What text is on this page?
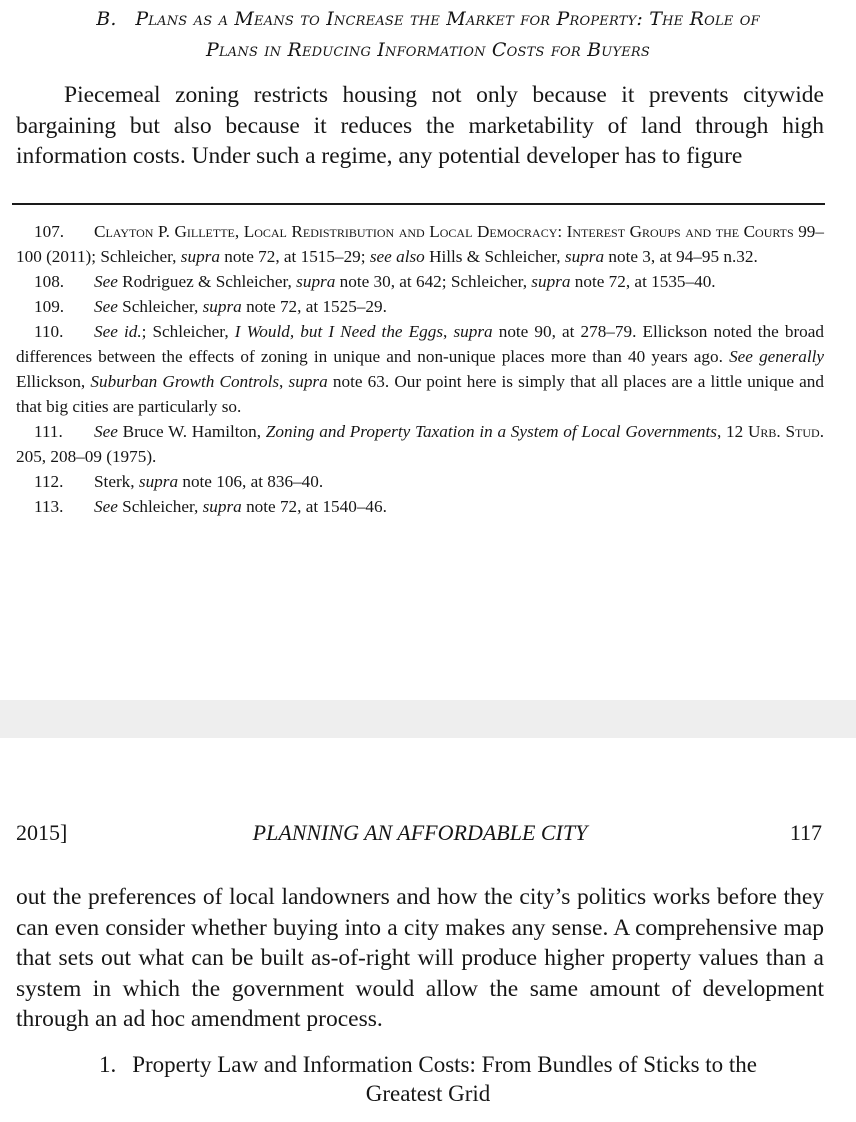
B. Plans as a Means to Increase the Market for Property: The Role of
Plans in Reducing Information Costs for Buyers

Piecemeal zoning restricts housing not only because it prevents citywide bargaining but also because it reduces the marketability of land through high information costs. Under such a regime, any potential developer has to figure

107. Clayton P. Gillette, Local Redistribution and Local Democracy: Interest Groups and the Courts 99–100 (2011); Schleicher, supra note 72, at 1515–29; see also Hills & Schleicher, supra note 3, at 94–95 n.32.

108. See Rodriguez & Schleicher, supra note 30, at 642; Schleicher, supra note 72, at 1535–40.

109. See Schleicher, supra note 72, at 1525–29.

110. See id.; Schleicher, I Would, but I Need the Eggs, supra note 90, at 278–79. Ellickson noted the broad differences between the effects of zoning in unique and non-unique places more than 40 years ago. See generally Ellickson, Suburban Growth Controls, supra note 63. Our point here is simply that all places are a little unique and that big cities are particularly so.

111. See Bruce W. Hamilton, Zoning and Property Taxation in a System of Local Governments, 12 Urb. Stud. 205, 208–09 (1975).

112. Sterk, supra note 106, at 836–40.

113. See Schleicher, supra note 72, at 1540–46.

2015]	PLANNING AN AFFORDABLE CITY	117

out the preferences of local landowners and how the city’s politics works before they can even consider whether buying into a city makes any sense. A comprehensive map that sets out what can be built as-of-right will produce higher property values than a system in which the government would allow the same amount of development through an ad hoc amendment process.

1. Property Law and Information Costs: From Bundles of Sticks to the
Greatest Grid
